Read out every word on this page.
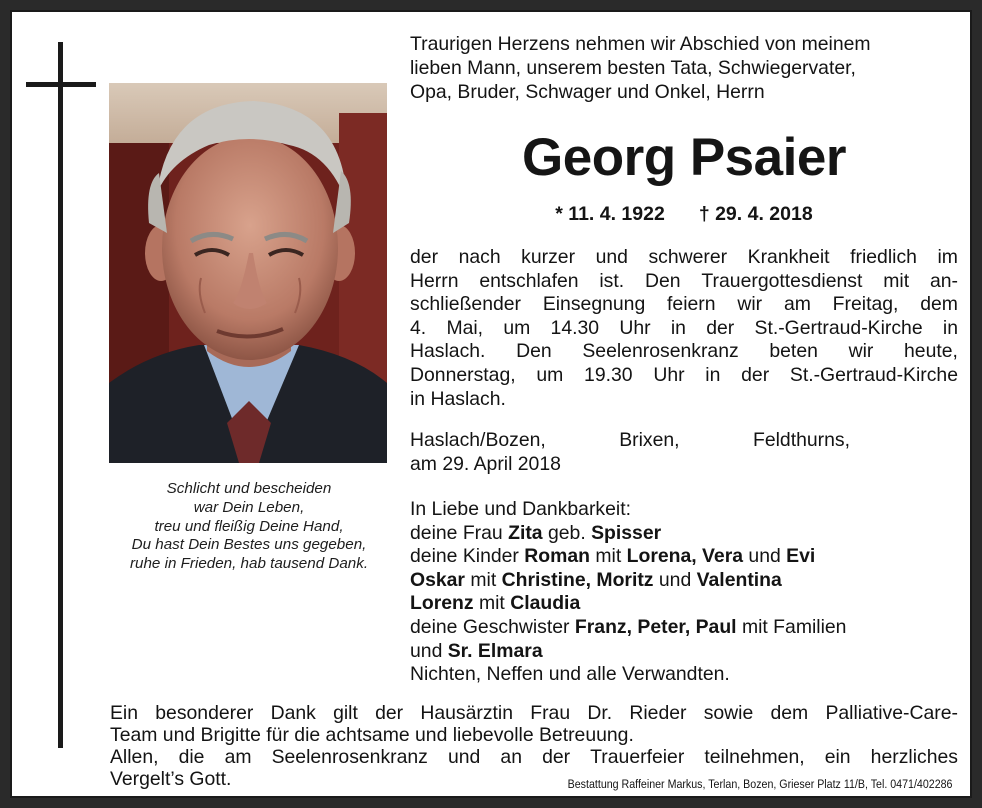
Schlicht und bescheiden
war Dein Leben,
treu und fleißig Deine Hand,
Du hast Dein Bestes uns gegeben,
ruhe in Frieden, hab tausend Dank.
Traurigen Herzens nehmen wir Abschied von meinem
lieben Mann, unserem besten Tata, Schwiegervater,
Opa, Bruder, Schwager und Onkel, Herrn
Georg Psaier
* 11. 4. 1922 † 29. 4. 2018
der nach kurzer und schwerer Krankheit friedlich im
Herrn entschlafen ist. Den Trauergottesdienst mit an-
schließender Einsegnung feiern wir am Freitag, dem
4. Mai, um 14.30 Uhr in der St.-Gertraud-Kirche in
Haslach. Den Seelenrosenkranz beten wir heute,
Donnerstag, um 19.30 Uhr in der St.-Gertraud-Kirche
in Haslach.
Haslach/Bozen,	Brixen,	Feldthurns,
am 29. April 2018
In Liebe und Dankbarkeit:
deine Frau Zita geb. Spisser
deine Kinder Roman mit Lorena, Vera und Evi
Oskar mit Christine, Moritz und Valentina
Lorenz mit Claudia
deine Geschwister Franz, Peter, Paul mit Familien
und Sr. Elmara
Nichten, Neffen und alle Verwandten.
Ein besonderer Dank gilt der Hausärztin Frau Dr. Rieder sowie dem Palliative-Care-
Team und Brigitte für die achtsame und liebevolle Betreuung.
Allen, die am Seelenrosenkranz und an der Trauerfeier teilnehmen, ein herzliches
Vergelt’s Gott.	Bestattung Raffeiner Markus, Terlan, Bozen, Grieser Platz 11/B, Tel. 0471/402286
